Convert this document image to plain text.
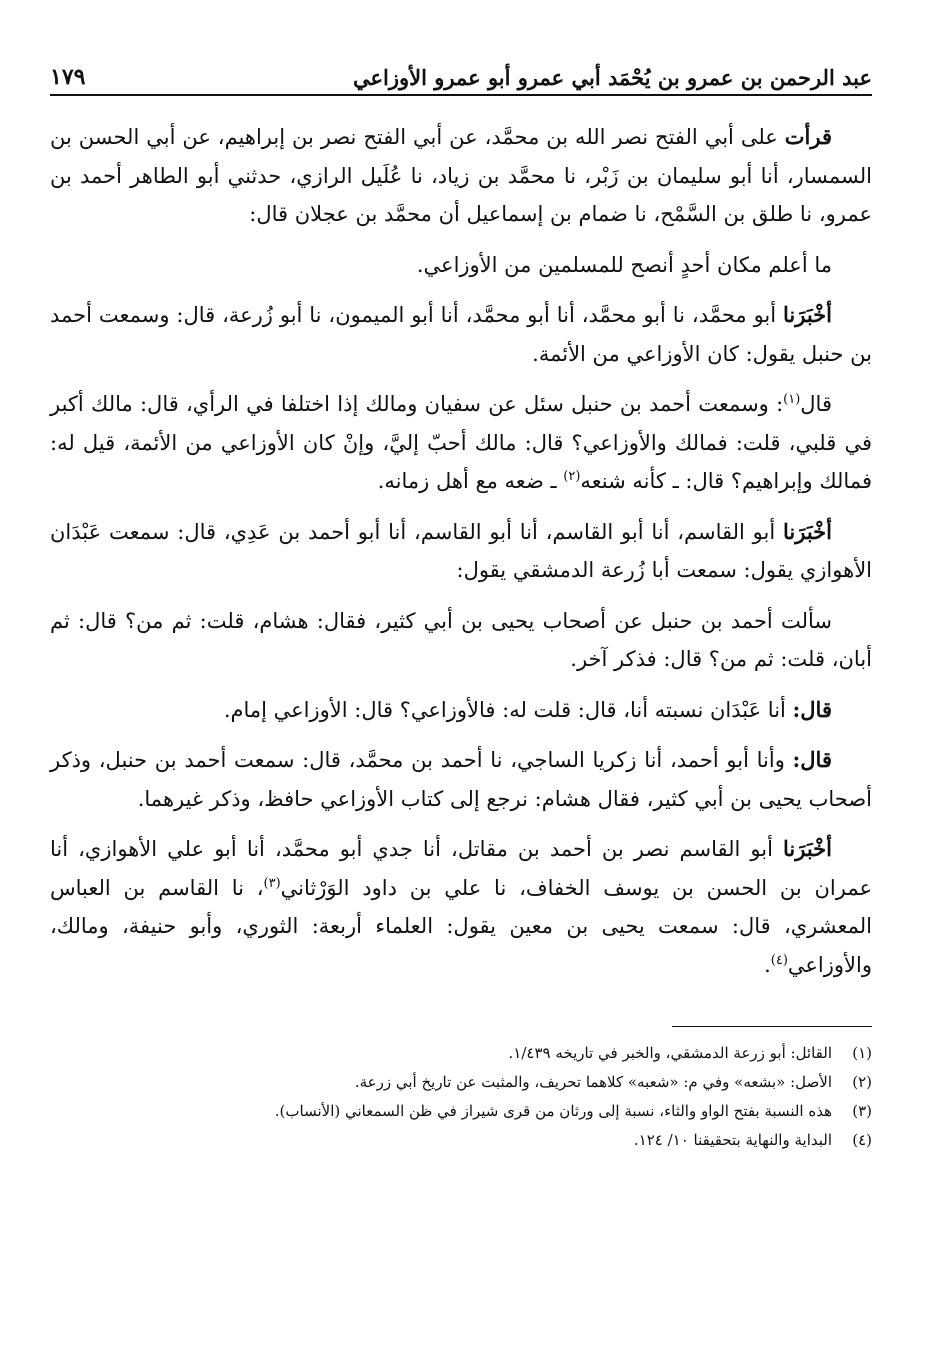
عبد الرحمن بن عمرو بن يُحْمَد أبي عمرو أبو عمرو الأوزاعي
١٧٩

قرأت على أبي الفتح نصر الله بن محمَّد، عن أبي الفتح نصر بن إبراهيم، عن أبي الحسن بن السمسار، أنا أبو سليمان بن زَبْر، نا محمَّد بن زياد، نا عُلَيل الرازي، حدثني أبو الطاهر أحمد بن عمرو، نا طلق بن السَّمْح، نا ضمام بن إسماعيل أن محمَّد بن عجلان قال:

ما أعلم مكان أحدٍ أنصح للمسلمين من الأوزاعي.

أخْبَرَنا أبو محمَّد، نا أبو محمَّد، أنا أبو محمَّد، أنا أبو الميمون، نا أبو زُرعة، قال: وسمعت أحمد بن حنبل يقول: كان الأوزاعي من الأئمة.

قال$^{(١)}$: وسمعت أحمد بن حنبل سئل عن سفيان ومالك إذا اختلفا في الرأي، قال: مالك أكبر في قلبي، قلت: فمالك والأوزاعي؟ قال: مالك أحبّ إليَّ، وإنْ كان الأوزاعي من الأئمة، قيل له: فمالك وإبراهيم؟ قال: ـ كأنه شنعه$^{(٢)}$ ـ ضعه مع أهل زمانه.

أخْبَرَنا أبو القاسم، أنا أبو القاسم، أنا أبو القاسم، أنا أبو أحمد بن عَدِي، قال: سمعت عَبْدَان الأهوازي يقول: سمعت أبا زُرعة الدمشقي يقول:

سألت أحمد بن حنبل عن أصحاب يحيى بن أبي كثير، فقال: هشام، قلت: ثم من؟ قال: ثم أبان، قلت: ثم من؟ قال: فذكر آخر.

قال: أنا عَبْدَان نسبته أنا، قال: قلت له: فالأوزاعي؟ قال: الأوزاعي إمام.

قال: وأنا أبو أحمد، أنا زكريا الساجي، نا أحمد بن محمَّد، قال: سمعت أحمد بن حنبل، وذكر أصحاب يحيى بن أبي كثير، فقال هشام: نرجع إلى كتاب الأوزاعي حافظ، وذكر غيرهما.

أخْبَرَنا أبو القاسم نصر بن أحمد بن مقاتل، أنا جدي أبو محمَّد، أنا أبو علي الأهوازي، أنا عمران بن الحسن بن يوسف الخفاف، نا علي بن داود الوَرْثاني$^{(٣)}$، نا القاسم بن العباس المعشري، قال: سمعت يحيى بن معين يقول: العلماء أربعة: الثوري، وأبو حنيفة، ومالك، والأوزاعي$^{(٤)}$.

(١)
القائل: أبو زرعة الدمشقي، والخبر في تاريخه ١/٤٣٩.
(٢)
الأصل: «بشعه» وفي م: «شعبه» كلاهما تحريف، والمثبت عن تاريخ أبي زرعة.
(٣)
هذه النسبة بفتح الواو والثاء، نسبة إلى ورثان من قرى شيراز في ظن السمعاني (الأنساب).
(٤)
البداية والنهاية بتحقيقنا ١٠/ ١٢٤.
